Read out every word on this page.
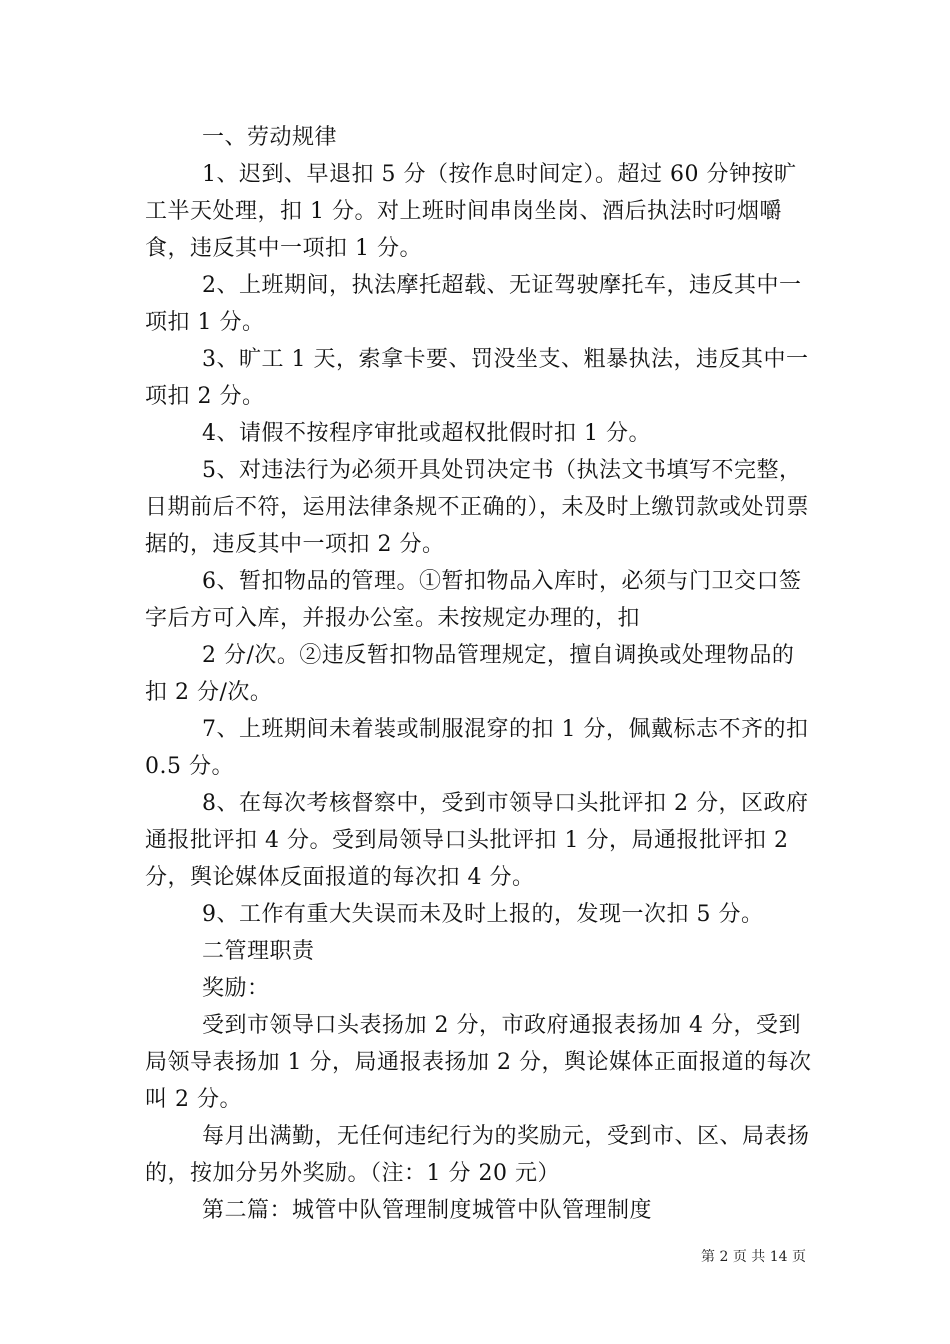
一、劳动规律

1、迟到、早退扣 5 分（按作息时间定）。超过 60 分钟按旷工半天处理，扣 1 分。对上班时间串岗坐岗、酒后执法时叼烟嚼食，违反其中一项扣 1 分。

2、上班期间，执法摩托超载、无证驾驶摩托车，违反其中一项扣 1 分。

3、旷工 1 天，索拿卡要、罚没坐支、粗暴执法，违反其中一项扣 2 分。

4、请假不按程序审批或超权批假时扣 1 分。

5、对违法行为必须开具处罚决定书（执法文书填写不完整，日期前后不符，运用法律条规不正确的），未及时上缴罚款或处罚票据的，违反其中一项扣 2 分。

6、暂扣物品的管理。①暂扣物品入库时，必须与门卫交口签字后方可入库，并报办公室。未按规定办理的，扣

2 分/次。②违反暂扣物品管理规定，擅自调换或处理物品的扣 2 分/次。

7、上班期间未着装或制服混穿的扣 1 分，佩戴标志不齐的扣 0.5 分。

8、在每次考核督察中，受到市领导口头批评扣 2 分，区政府通报批评扣 4 分。受到局领导口头批评扣 1 分，局通报批评扣 2 分，舆论媒体反面报道的每次扣 4 分。

9、工作有重大失误而未及时上报的，发现一次扣 5 分。

二管理职责

奖励：

受到市领导口头表扬加 2 分，市政府通报表扬加 4 分，受到局领导表扬加 1 分，局通报表扬加 2 分，舆论媒体正面报道的每次叫 2 分。

每月出满勤，无任何违纪行为的奖励元，受到市、区、局表扬的，按加分另外奖励。（注：1 分 20 元）

第二篇：城管中队管理制度城管中队管理制度

第 2 页 共 14 页
